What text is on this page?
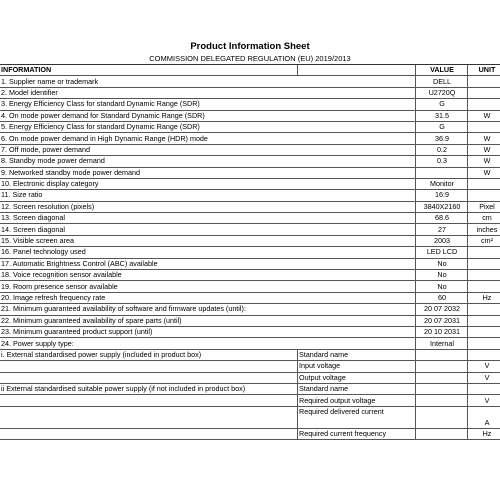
Product Information Sheet
COMMISSION DELEGATED REGULATION (EU) 2019/2013
INFORMATION		VALUE	UNIT
1. Supplier name or trademark		DELL	
2. Model identifier		U2720Q	
3. Energy Efficiency Class for standard Dynamic Range (SDR)		G	
4. On mode power demand for Standard Dynamic Range (SDR)		31.5	W
5. Energy Efficiency Class for standard Dynamic Range (SDR)		G	
6. On mode power demand in High Dynamic Range (HDR) mode		36.9	W
7. Off mode, power demand		0.2	W
8. Standby mode power demand		0.3	W
9. Networked standby mode power demand			W
10. Electronic display category		Monitor	
11. Size ratio		16:9	
12. Screen resolution (pixels)		3840X2160	Pixel
13. Screen diagonal		68.6	cm
14. Screen diagonal		27	inches
15. Visible screen area		2003	cm²
16. Panel technology used		LED LCD	
17. Automatic Brightness Control (ABC) available		No	
18. Voice recognition sensor available		No	
19. Room presence sensor available		No	
20. Image refresh frequency rate		60	Hz
21. Minimum guaranteed availability of software and firmware updates (until):		20 07 2032	
22. Minimum guaranteed availability of spare parts (until)		20 07 2031	
23. Minimum guaranteed product support (until)		20 10 2031	
24. Power supply type:		Internal	
i. External standardised power supply (included in product box)	Standard name		
	Input voltage		V
	Output voltage		V
ii External standardised suitable power supply (if not included in product box)	Standard name		
	Required output voltage		V
	Required delivered current		A
	Required current frequency		Hz
